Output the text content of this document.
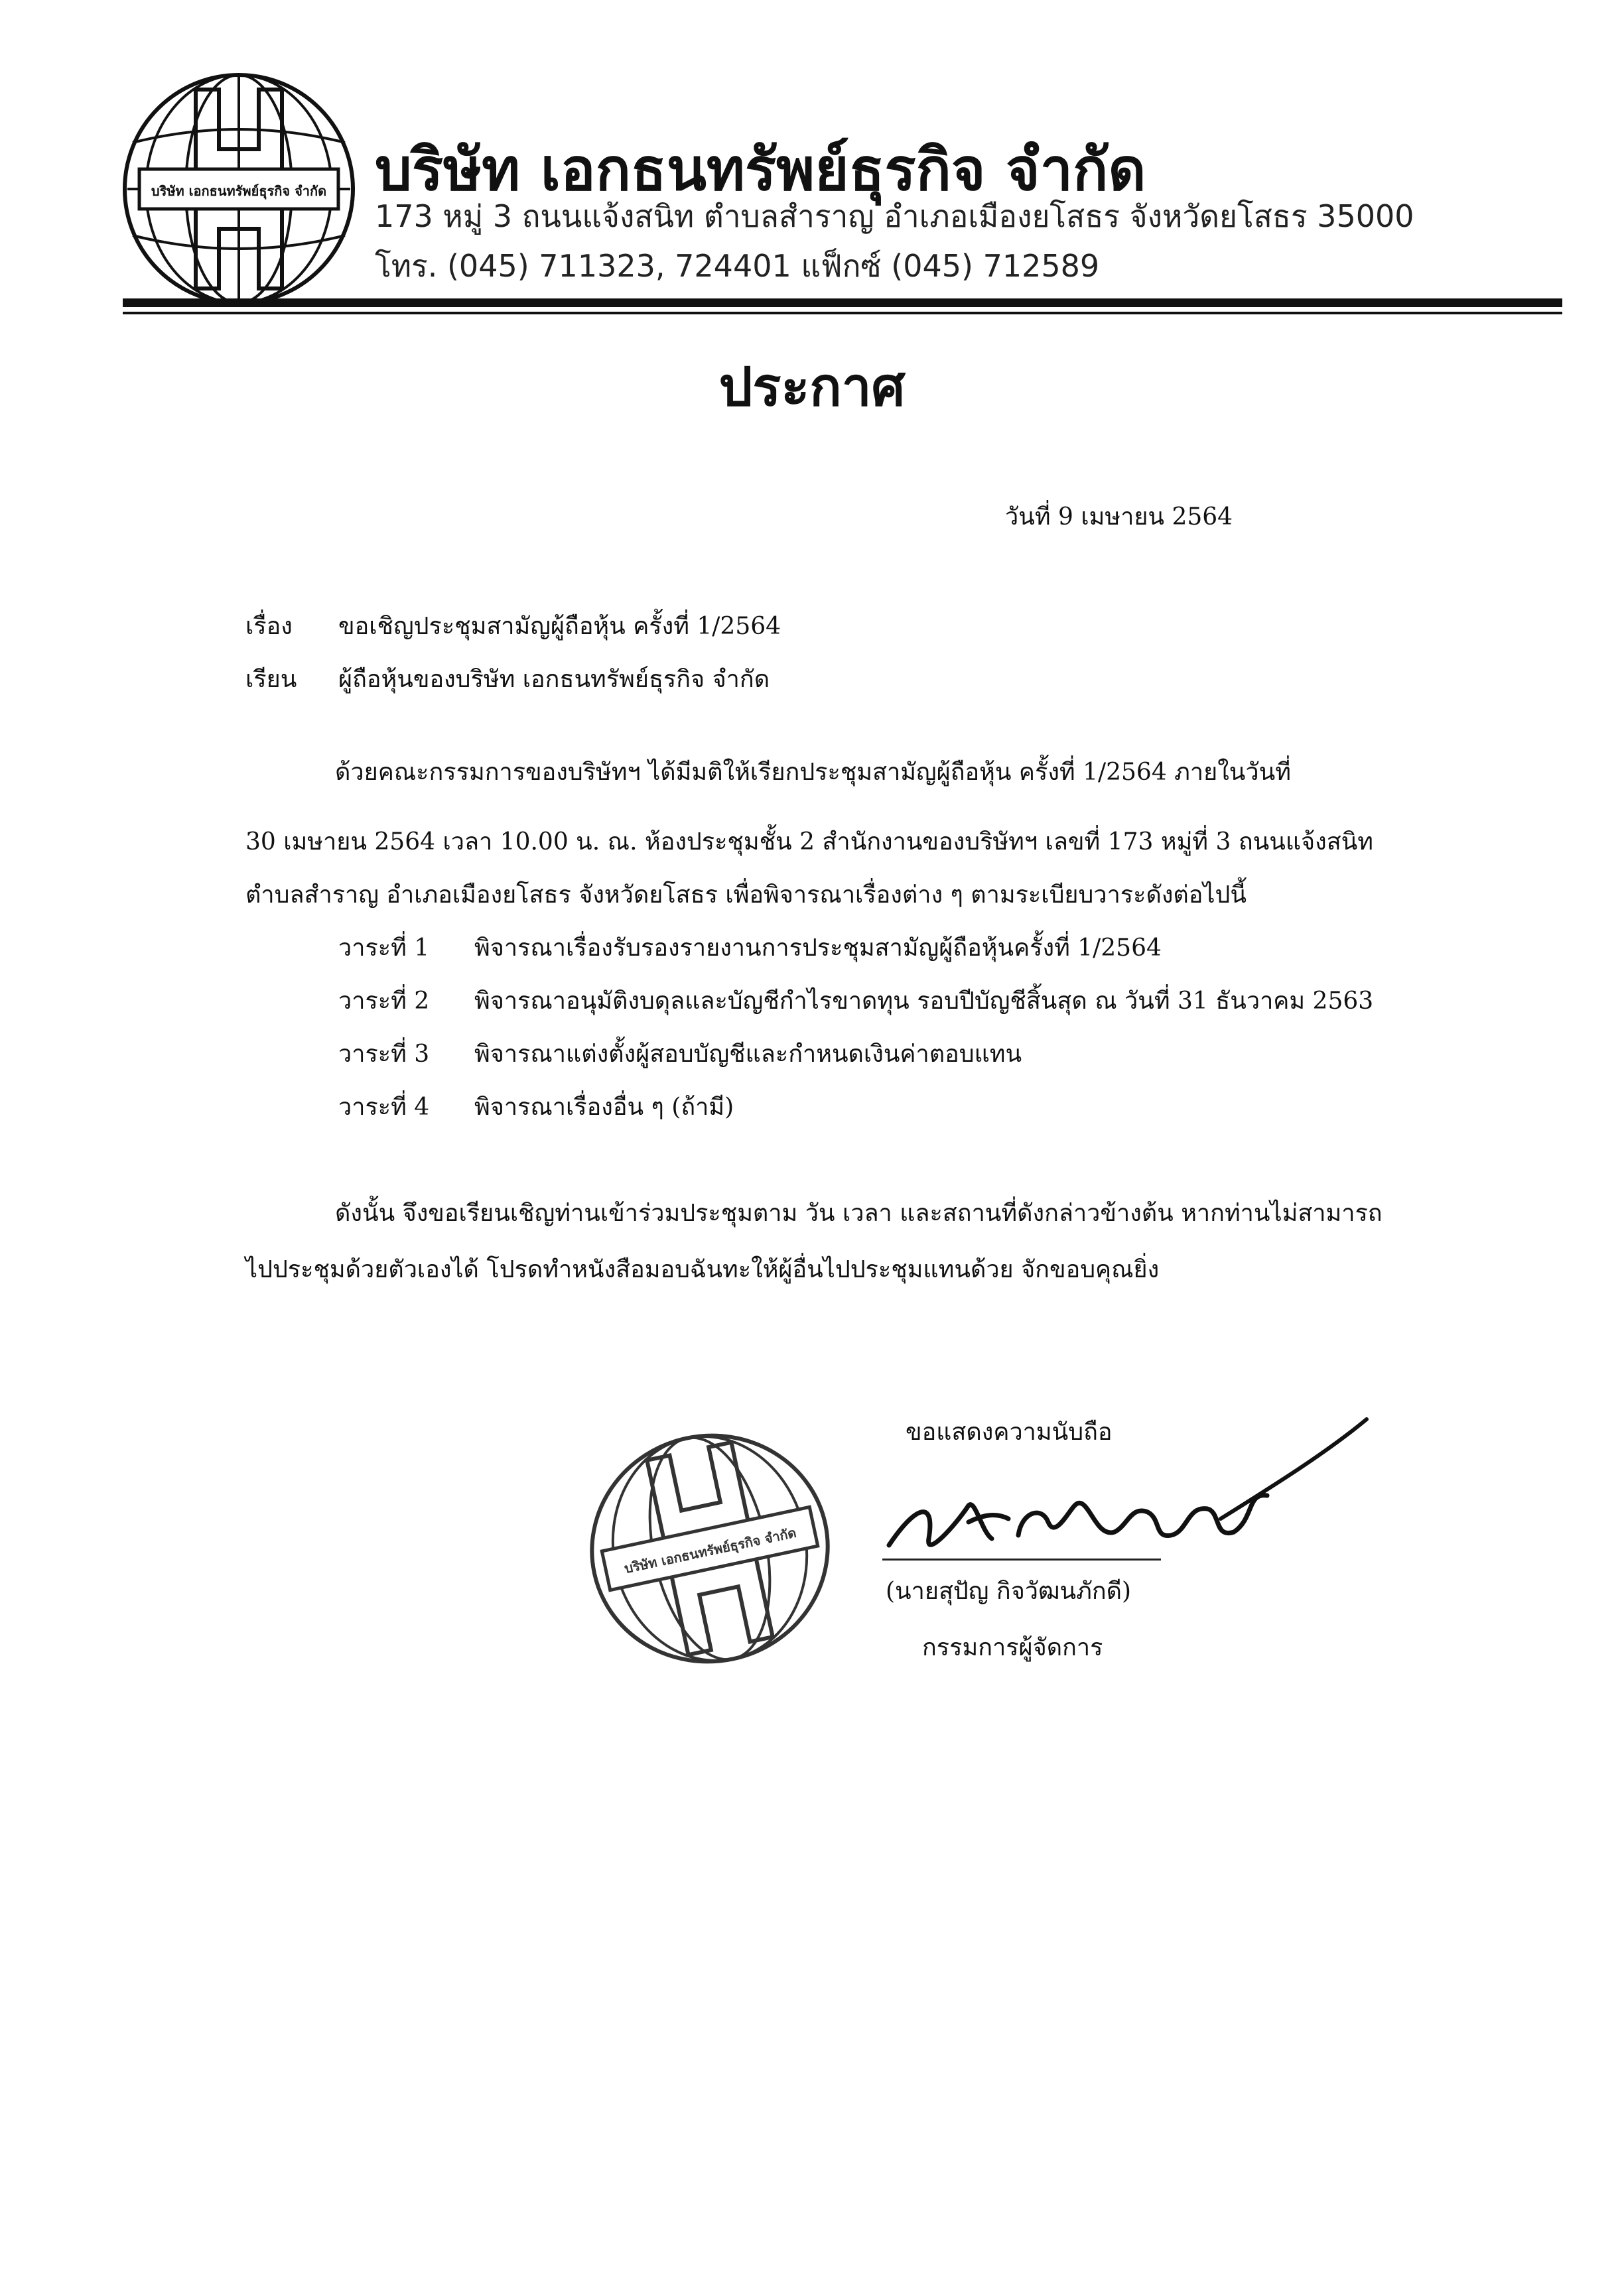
บริษัท เอกธนทรัพย์ธุรกิจ จำกัด บริษัท เอกธนทรัพย์ธุรกิจ จำกัด
173 หมู่ 3 ถนนแจ้งสนิท ตำบลสำราญ อำเภอเมืองยโสธร จังหวัดยโสธร 35000
โทร. (045) 711323, 724401 แฟ็กซ์ (045) 712589
ประกาศ
วันที่ 9 เมษายน 2564
เรื่อง ขอเชิญประชุมสามัญผู้ถือหุ้น ครั้งที่ 1/2564
เรียน ผู้ถือหุ้นของบริษัท เอกธนทรัพย์ธุรกิจ จำกัด
ด้วยคณะกรรมการของบริษัทฯ ได้มีมติให้เรียกประชุมสามัญผู้ถือหุ้น ครั้งที่ 1/2564 ภายในวันที่
30 เมษายน 2564 เวลา 10.00 น. ณ. ห้องประชุมชั้น 2 สำนักงานของบริษัทฯ เลขที่ 173 หมู่ที่ 3 ถนนแจ้งสนิท
ตำบลสำราญ อำเภอเมืองยโสธร จังหวัดยโสธร เพื่อพิจารณาเรื่องต่าง ๆ ตามระเบียบวาระดังต่อไปนี้
วาระที่ 1 พิจารณาเรื่องรับรองรายงานการประชุมสามัญผู้ถือหุ้นครั้งที่ 1/2564
วาระที่ 2 พิจารณาอนุมัติงบดุลและบัญชีกำไรขาดทุน รอบปีบัญชีสิ้นสุด ณ วันที่ 31 ธันวาคม 2563
วาระที่ 3 พิจารณาแต่งตั้งผู้สอบบัญชีและกำหนดเงินค่าตอบแทน
วาระที่ 4 พิจารณาเรื่องอื่น ๆ (ถ้ามี)
ดังนั้น จึงขอเรียนเชิญท่านเข้าร่วมประชุมตาม วัน เวลา และสถานที่ดังกล่าวข้างต้น หากท่านไม่สามารถ
ไปประชุมด้วยตัวเองได้ โปรดทำหนังสือมอบฉันทะให้ผู้อื่นไปประชุมแทนด้วย จักขอบคุณยิ่ง
บริษัท เอกธนทรัพย์ธุรกิจ จำกัด
ขอแสดงความนับถือ
(นายสุปัญ กิจวัฒนภักดี)
กรรมการผู้จัดการ
